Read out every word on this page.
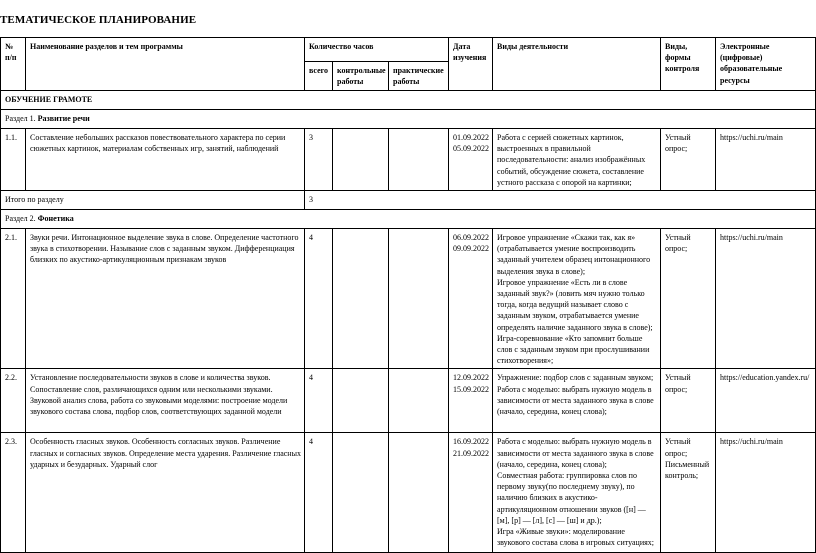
ТЕМАТИЧЕСКОЕ ПЛАНИРОВАНИЕ
№
п/п	Наименование разделов и тем программы	Количество часов			Дата изучения	Виды деятельности	Виды, формы контроля	Электронные (цифровые) образовательные ресурсы
		всего	контрольные работы	практические работы				
ОБУЧЕНИЕ ГРАМОТЕ								
Раздел 1. Развитие речи								
1.1.	Составление небольших рассказов повествовательного характера по серии сюжетных картинок, материалам собственных игр, занятий, наблюдений	3			01.09.2022
05.09.2022	Работа с серией сюжетных картинок, выстроенных в правильной последовательности: анализ изображённых событий, обсуждение сюжета, составление устного рассказа с опорой на картинки;	Устный опрос;	https://uchi.ru/main
Итого по разделу		3						
Раздел 2. Фонетика								
2.1.	Звуки речи. Интонационное выделение звука в слове. Определение частотного звука в стихотворении. Называние слов с заданным звуком. Дифференциация близких по акустико-артикуляционным признакам звуков	4			06.09.2022
09.09.2022	Игровое упражнение «Скажи так, как я» (отрабатывается умение воспроизводить заданный учителем образец интонационного выделения звука в слове);
Игровое упражнение «Есть ли в слове заданный звук?» (ловить мяч нужно только тогда, когда ведущий называет слово с заданным звуком, отрабатывается умение определять наличие заданного звука в слове);
Игра-соревнование «Кто запомнит больше слов с заданным звуком при прослушивании стихотворения»;	Устный опрос;	https://uchi.ru/main
2.2.	Установление последовательности звуков в слове и количества звуков. Сопоставление слов, различающихся одним или несколькими звуками. Звуковой анализ слова, работа со звуковыми моделями: построение модели звукового состава слова, подбор слов, соответствующих заданной модели	4			12.09.2022
15.09.2022	Упражнение: подбор слов с заданным звуком;
Работа с моделью: выбрать нужную модель в зависимости от места заданного звука в слове (начало, середина, конец слова);	Устный опрос;	https://education.yandex.ru/
2.3.	Особенность гласных звуков. Особенность согласных звуков. Различение гласных и согласных звуков. Определение места ударения. Различение гласных ударных и безударных. Ударный слог	4			16.09.2022
21.09.2022	Работа с моделью: выбрать нужную модель в зависимости от места заданного звука в слове (начало, середина, конец слова);
Совместная работа: группировка слов по первому звуку(по последнему звуку), по наличию близких в акустико-артикуляционном отношении звуков ([н] — [м], [р] — [л], [с] — [ш] и др.);
Игра «Живые звуки»: моделирование звукового состава слова в игровых ситуациях;	Устный опрос;
Письменный контроль;	https://uchi.ru/main
